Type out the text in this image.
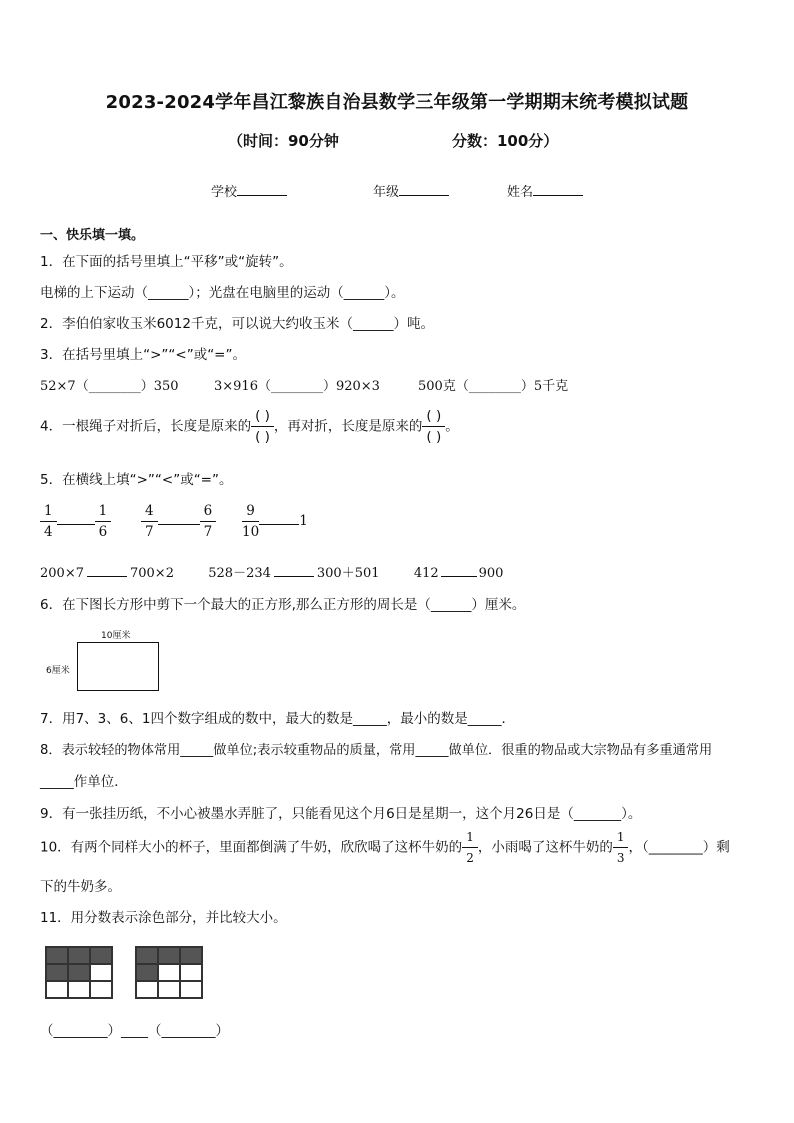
2023-2024学年昌江黎族自治县数学三年级第一学期期末统考模拟试题
（时间：90分钟	分数：100分）
学校	年级	姓名
一、快乐填一填。
1．在下面的括号里填上“平移”或“旋转”。
电梯的上下运动（______）；光盘在电脑里的运动（______）。
2．李伯伯家收玉米6012千克，可以说大约收玉米（______）吨。
3．在括号里填上“>”“<”或“=”。
52×7（________）350	3×916（________）920×3	500克（________）5千克
4．一根绳子对折后，长度是原来的 $\frac{( )}{( )}$ ，再对折，长度是原来的 $\frac{( )}{( )}$ 。
5．在横线上填“>”“<”或“=”。
$\frac{1}{4}$	$\frac{1}{6} \frac{4}{7}$	$\frac{6}{7} \frac{9}{10}$	1
200×7	700×2	528－234	300＋501	412	900
6．在下图长方形中剪下一个最大的正方形,那么正方形的周长是（______）厘米。
10厘米
6厘米
7．用7、3、6、1四个数字组成的数中，最大的数是_____，最小的数是_____．
8．表示较轻的物体常用_____做单位;表示较重物品的质量，常用_____做单位．很重的物品或大宗物品有多重通常用
_____作单位．
9．有一张挂历纸，不小心被墨水弄脏了，只能看见这个月6日是星期一，这个月26日是（_______）。
10．有两个同样大小的杯子，里面都倒满了牛奶，欣欣喝了这杯牛奶的 $\frac{1}{2}$ ，小雨喝了这杯牛奶的 $\frac{1}{3}$ ，（________）剩
下的牛奶多。
11．用分数表示涂色部分，并比较大小。
（________）____（________）
